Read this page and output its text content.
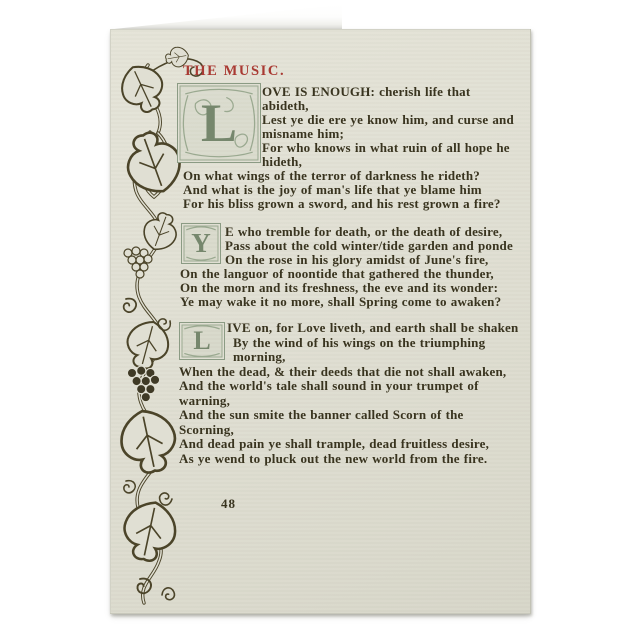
THE MUSIC.
L
Y
L
OVE IS ENOUGH: cherish life that
abideth,
Lest ye die ere ye know him, and curse and
misname him;
For who knows in what ruin of all hope he
hideth,
On what wings of the terror of darkness he rideth?
And what is the joy of man's life that ye blame him
For his bliss grown a sword, and his rest grown a fire?
E who tremble for death, or the death of desire,
Pass about the cold winter/tide garden and ponde
On the rose in his glory amidst of June's fire,
On the languor of noontide that gathered the thunder,
On the morn and its freshness, the eve and its wonder:
Ye may wake it no more, shall Spring come to awaken?
IVE on, for Love liveth, and earth shall be shaken
By the wind of his wings on the triumphing
morning,
When the dead, & their deeds that die not shall awaken,
And the world's tale shall sound in your trumpet of
warning,
And the sun smite the banner called Scorn of the
Scorning,
And dead pain ye shall trample, dead fruitless desire,
As ye wend to pluck out the new world from the fire.
48
